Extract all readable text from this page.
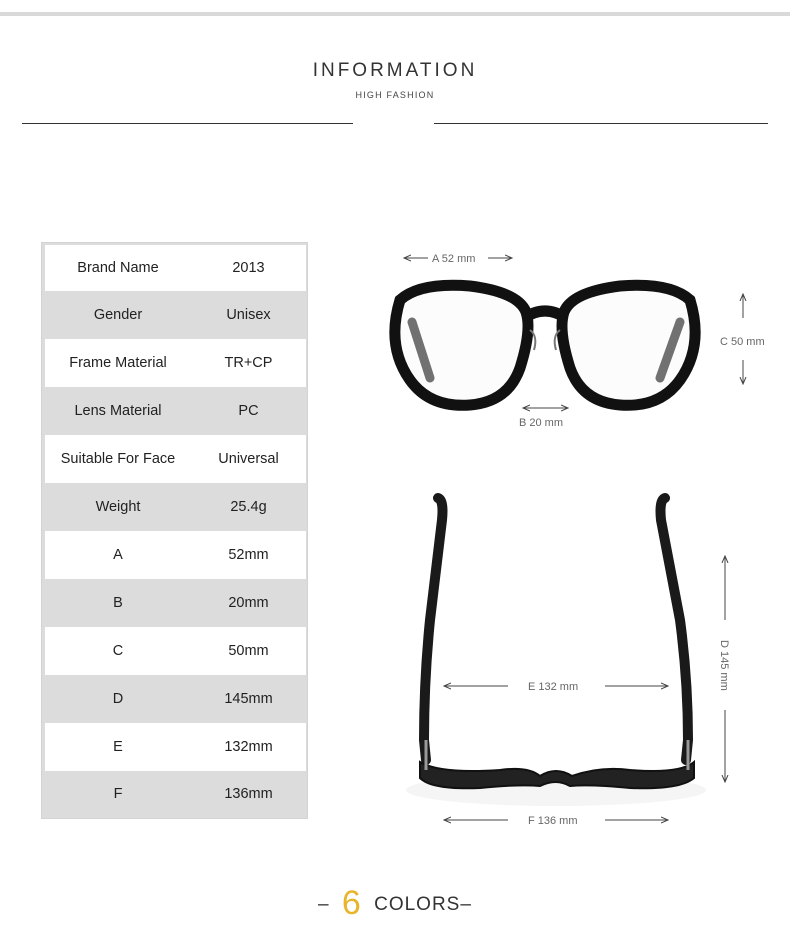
INFORMATION
HIGH FASHION
Brand Name	2013
Gender	Unisex
Frame Material	TR+CP
Lens Material	PC
Suitable For Face	Universal
Weight	25.4g
A	52mm
B	20mm
C	50mm
D	145mm
E	132mm
F	136mm
A 52 mm
B 20 mm
C 50 mm
D 145 mm
E 132 mm
F 136 mm
– 6 COLORS–
